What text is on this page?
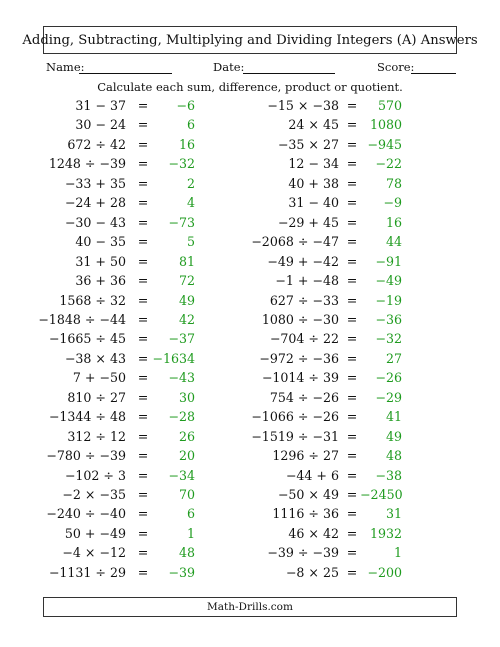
Adding, Subtracting, Multiplying and Dividing Integers (A) Answers
Name:	Date:	Score:
Calculate each sum, difference, product or quotient.
31 − 37 =	−6
30 − 24 =	6
672 ÷ 42 =	16
1248 ÷ −39 =	−32
−33 + 35 =	2
−24 + 28 =	4
−30 − 43 =	−73
40 − 35 =	5
31 + 50 =	81
36 + 36 =	72
1568 ÷ 32 =	49
−1848 ÷ −44 =	42
−1665 ÷ 45 =	−37
−38 × 43 = −1634
7 + −50 =	−43
810 ÷ 27 =	30
−1344 ÷ 48 =	−28
312 ÷ 12 =	26
−780 ÷ −39 =	20
−102 ÷ 3 =	−34
−2 × −35 =	70
−240 ÷ −40 =	6
50 + −49 =	1
−4 × −12 =	48
−1131 ÷ 29 =	−39
−15 × −38 =	570
24 × 45 =	1080
−35 × 27 = −945
12 − 34 =	−22
40 + 38 =	78
31 − 40 =	−9
−29 + 45 =	16
−2068 ÷ −47 =	44
−49 + −42 =	−91
−1 + −48 =	−49
627 ÷ −33 =	−19
1080 ÷ −30 =	−36
−704 ÷ 22 =	−32
−972 ÷ −36 =	27
−1014 ÷ 39 =	−26
754 ÷ −26 =	−29
−1066 ÷ −26 =	41
−1519 ÷ −31 =	49
1296 ÷ 27 =	48
−44 + 6 =	−38
−50 × 49 = −2450
1116 ÷ 36 =	31
46 × 42 =	1932
−39 ÷ −39 =	1
−8 × 25 = −200
Math-Drills.com
